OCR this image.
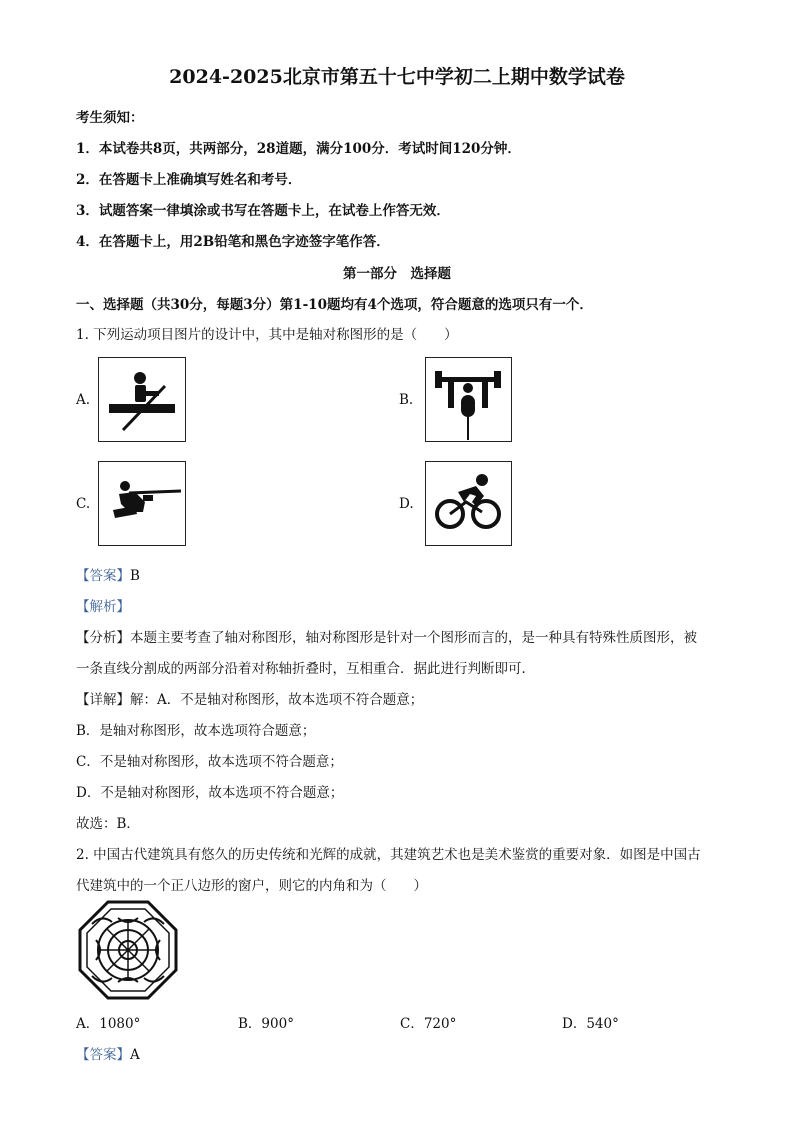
2024-2025北京市第五十七中学初二上期中数学试卷
考生须知：
1．本试卷共8页，共两部分，28道题，满分100分．考试时间120分钟．
2．在答题卡上准确填写姓名和考号．
3．试题答案一律填涂或书写在答题卡上，在试卷上作答无效．
4．在答题卡上，用2B铅笔和黑色字迹签字笔作答．
第一部分　选择题
一、选择题（共30分，每题3分）第1-10题均有4个选项，符合题意的选项只有一个．
1. 下列运动项目图片的设计中，其中是轴对称图形的是（　　）
A.	B.
C.	D.
【答案】B
【解析】
【分析】本题主要考查了轴对称图形，轴对称图形是针对一个图形而言的，是一种具有特殊性质图形，被
一条直线分割成的两部分沿着对称轴折叠时，互相重合．据此进行判断即可．
【详解】解：A．不是轴对称图形，故本选项不符合题意；
B．是轴对称图形，故本选项符合题意；
C．不是轴对称图形，故本选项不符合题意；
D．不是轴对称图形，故本选项不符合题意；
故选：B．
2. 中国古代建筑具有悠久的历史传统和光辉的成就，其建筑艺术也是美术鉴赏的重要对象．如图是中国古
代建筑中的一个正八边形的窗户，则它的内角和为（　　）
A．1080°	B．900°	C．720°	D．540°
【答案】A
